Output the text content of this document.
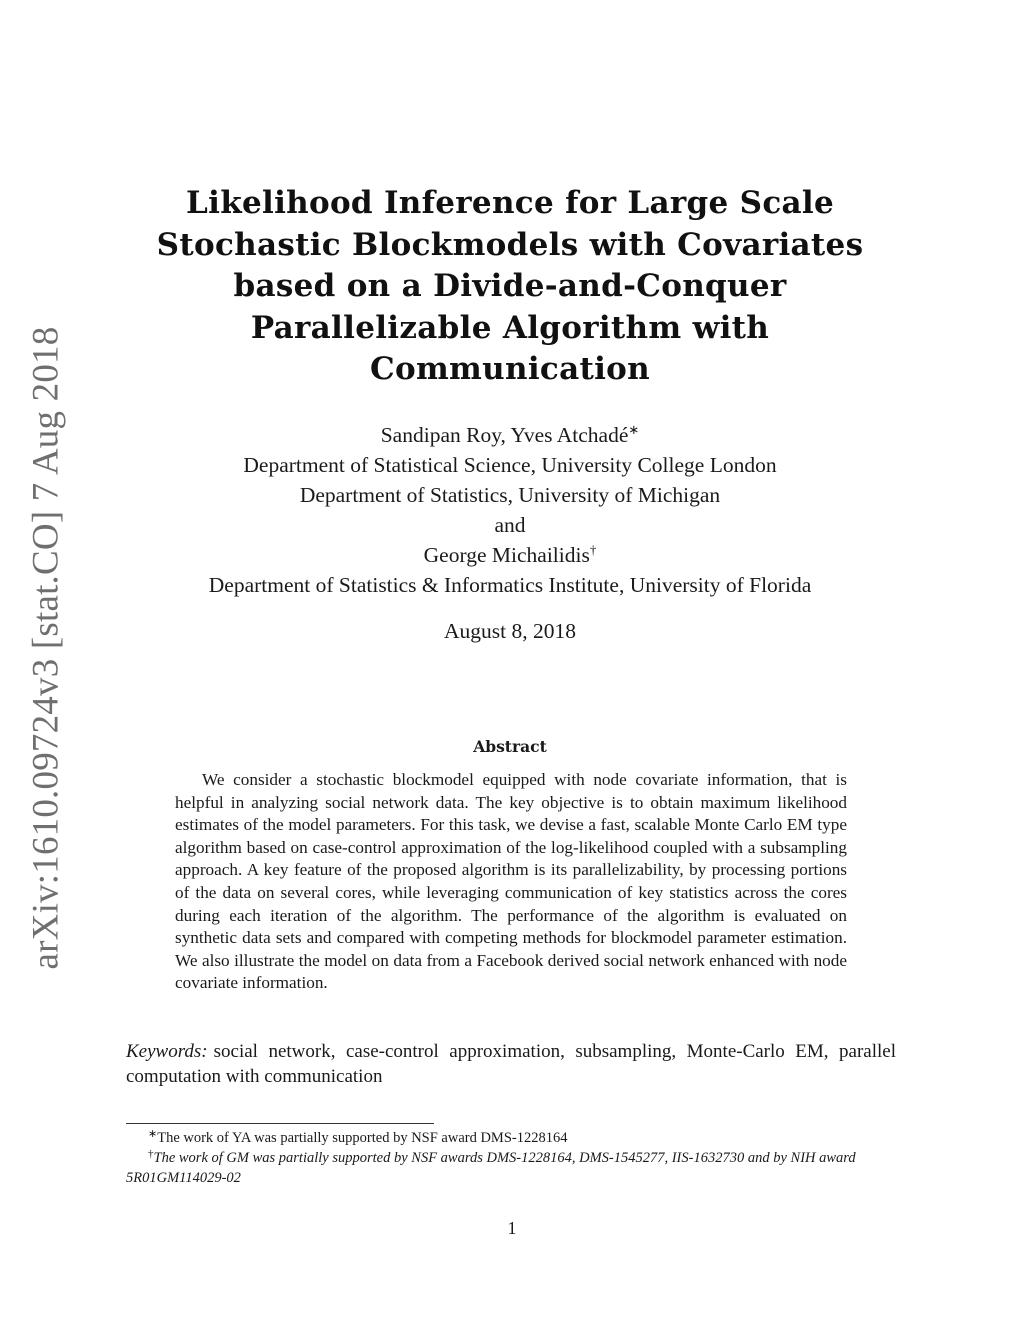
arXiv:1610.09724v3 [stat.CO] 7 Aug 2018
Likelihood Inference for Large Scale Stochastic Blockmodels with Covariates based on a Divide-and-Conquer Parallelizable Algorithm with Communication
Sandipan Roy, Yves Atchadé∗
Department of Statistical Science, University College London
Department of Statistics, University of Michigan
and
George Michailidis†
Department of Statistics & Informatics Institute, University of Florida
August 8, 2018
Abstract
We consider a stochastic blockmodel equipped with node covariate information, that is helpful in analyzing social network data. The key objective is to obtain maximum likelihood estimates of the model parameters. For this task, we devise a fast, scalable Monte Carlo EM type algorithm based on case-control approximation of the log-likelihood coupled with a subsampling approach. A key feature of the proposed algorithm is its parallelizability, by processing portions of the data on several cores, while leveraging communication of key statistics across the cores during each iteration of the algorithm. The performance of the algorithm is evaluated on synthetic data sets and compared with competing methods for blockmodel parameter estimation. We also illustrate the model on data from a Facebook derived social network enhanced with node covariate information.
Keywords: social network, case-control approximation, subsampling, Monte-Carlo EM, parallel computation with communication
∗The work of YA was partially supported by NSF award DMS-1228164
†The work of GM was partially supported by NSF awards DMS-1228164, DMS-1545277, IIS-1632730 and by NIH award 5R01GM114029-02
1
